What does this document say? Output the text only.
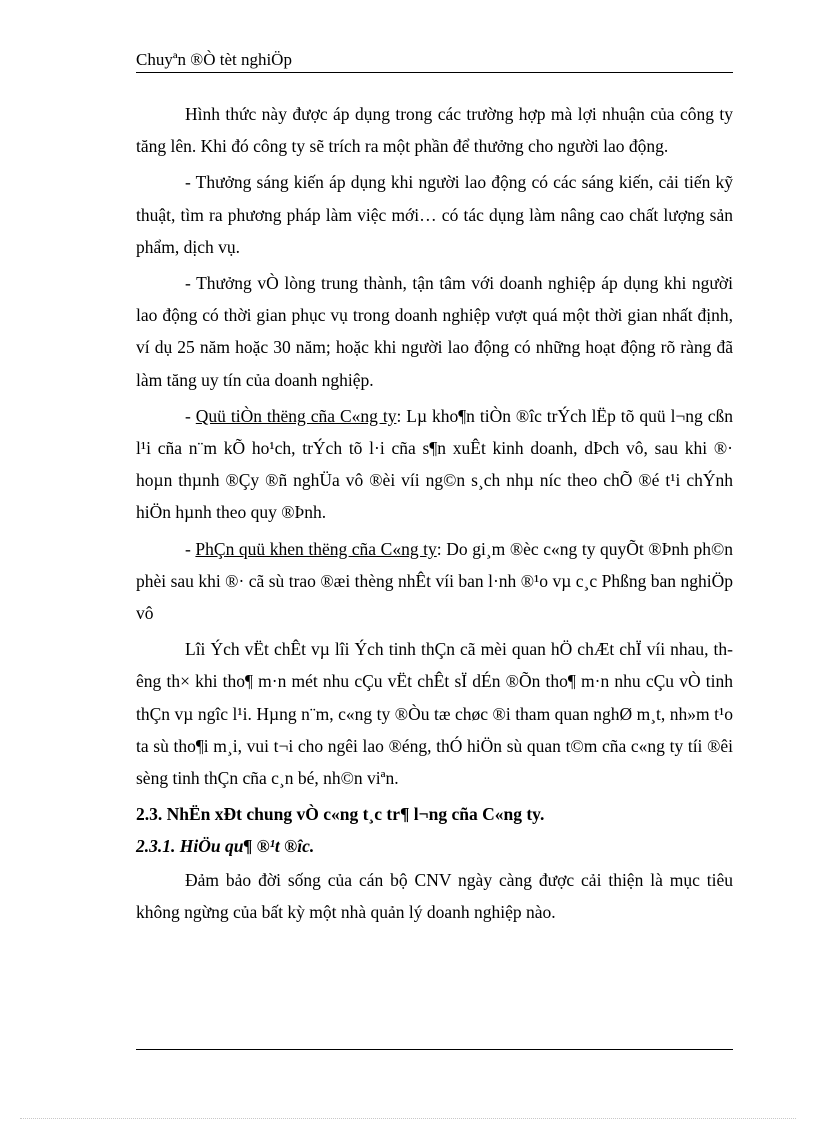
Chuyªn ®Ò tèt nghiÖp

Hình thức này được áp dụng trong các trường hợp mà lợi nhuận của công ty tăng lên. Khi đó công ty sẽ trích ra một phần để thưởng cho người lao động.

- Thưởng sáng kiến áp dụng khi người lao động có các sáng kiến, cải tiến kỹ thuật, tìm ra phương pháp làm việc mới… có tác dụng làm nâng cao chất lượng sản phẩm, dịch vụ.

- Thưởng vÒ lòng trung thành, tận tâm với doanh nghiệp áp dụng khi người lao động có thời gian phục vụ trong doanh nghiệp vượt quá một thời gian nhất định, ví dụ 25 năm hoặc 30 năm; hoặc khi người lao động có những hoạt động rõ ràng đã làm tăng uy tín của doanh nghiệp.

- Quü tiÒn thëng cña C«ng ty: Lµ kho¶n tiÒn ®îc trÝch lËp tõ quü l¬ng cßn l¹i cña n¨m kÕ ho¹ch, trÝch tõ l·i cña s¶n xuÊt kinh doanh, dÞch vô, sau khi ®· hoµn thµnh ®Çy ®ñ nghÜa vô ®èi víi ng©n s¸ch nhµ níc theo chÕ ®é t¹i chÝnh hiÖn hµnh theo quy ®Þnh.

- PhÇn quü khen thëng cña C«ng ty: Do gi¸m ®èc c«ng ty quyÕt ®Þnh ph©n phèi sau khi ®· cã sù trao ®æi thèng nhÊt víi ban l·nh ®¹o vµ c¸c Phßng ban nghiÖp vô

Lîi Ých vËt chÊt vµ lîi Ých tinh thÇn cã mèi quan hÖ chÆt chÏ víi nhau, thêng th× khi tho¶ m·n mét nhu cÇu vËt chÊt sÏ dÉn ®Õn tho¶ m·n nhu cÇu vÒ tinh thÇn vµ ngîc l¹i. Hµng n¨m, c«ng ty ®Òu tæ chøc ®i tham quan nghØ m¸t, nh»m t¹o ta sù tho¶i m¸i, vui t¬i cho ngêi lao ®éng, thÓ hiÖn sù quan t©m cña c«ng ty tíi ®êi sèng tinh thÇn cña c¸n bé, nh©n viªn.

2.3. NhËn xÐt chung vÒ c«ng t¸c tr¶ l¬ng cña C«ng ty.

2.3.1. HiÖu qu¶ ®¹t ®îc.

Đảm bảo đời sống của cán bộ CNV ngày càng được cải thiện là mục tiêu không ngừng của bất kỳ một nhà quản lý doanh nghiệp nào.
